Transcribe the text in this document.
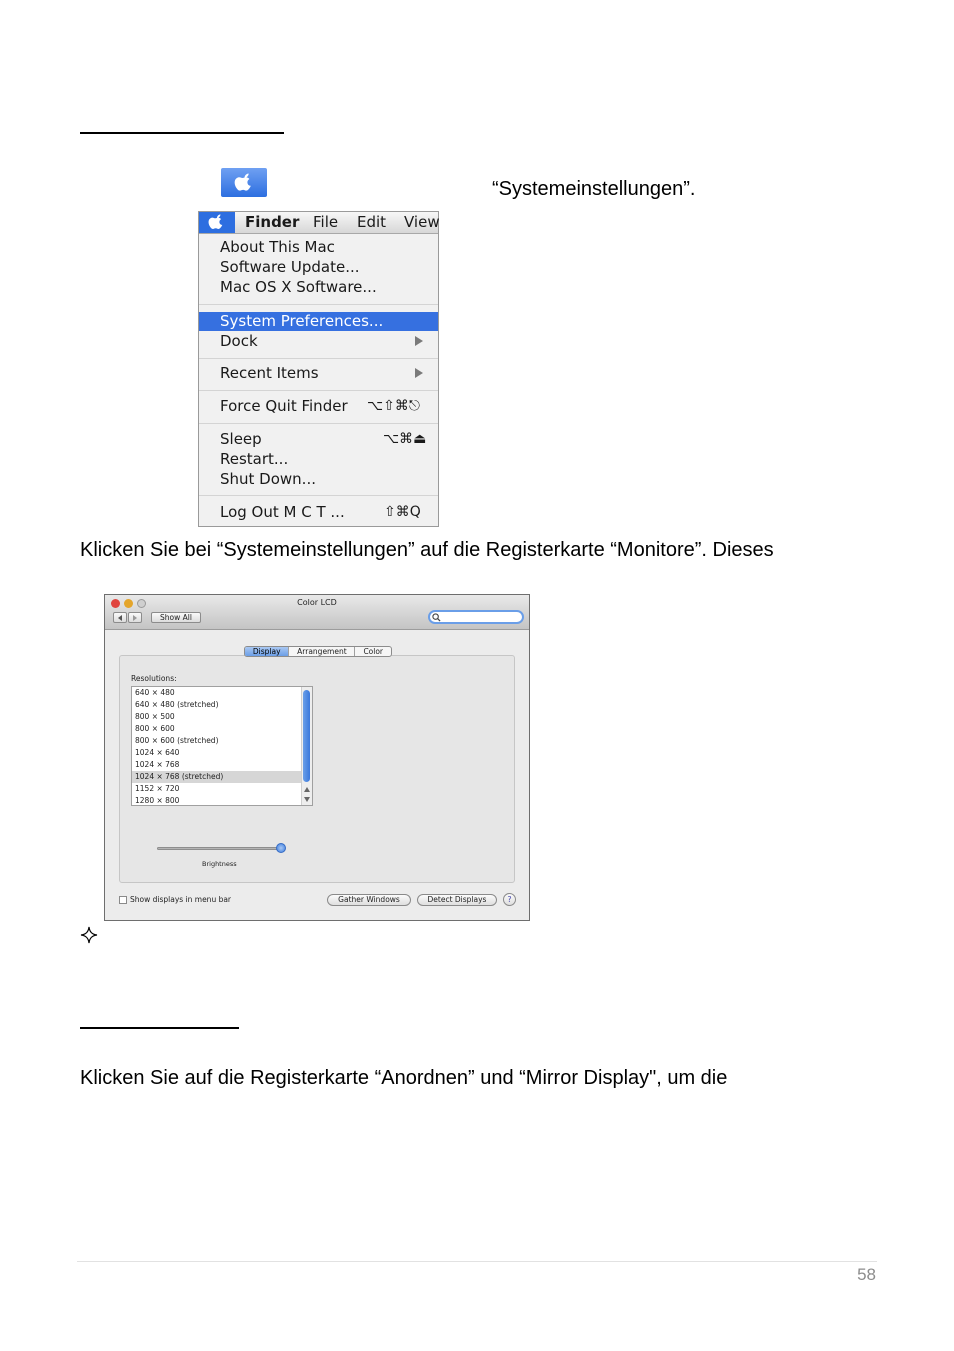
“Systemeinstellungen”.
Finder File Edit View
About This Mac
Software Update...
Mac OS X Software...
System Preferences...
Dock
Recent Items
Force Quit Finder ⌥⇧⌘⎋
Sleep	⌥⌘⏏
Restart...
Shut Down...
Log Out M C T ...	⇧⌘Q
Klicken Sie bei “Systemeinstellungen” auf die Registerkarte “Monitore”. Dieses
Color LCD
Show All
Display	Arrangement	Color
Resolutions:
640 × 480
640 × 480 (stretched)
800 × 500
800 × 600
800 × 600 (stretched)
1024 × 640
1024 × 768
1024 × 768 (stretched)
1152 × 720
1280 × 800
Brightness
Show displays in menu bar	Gather Windows	Detect Displays	?
Klicken Sie auf die Registerkarte “Anordnen” und “Mirror Display", um die
58
